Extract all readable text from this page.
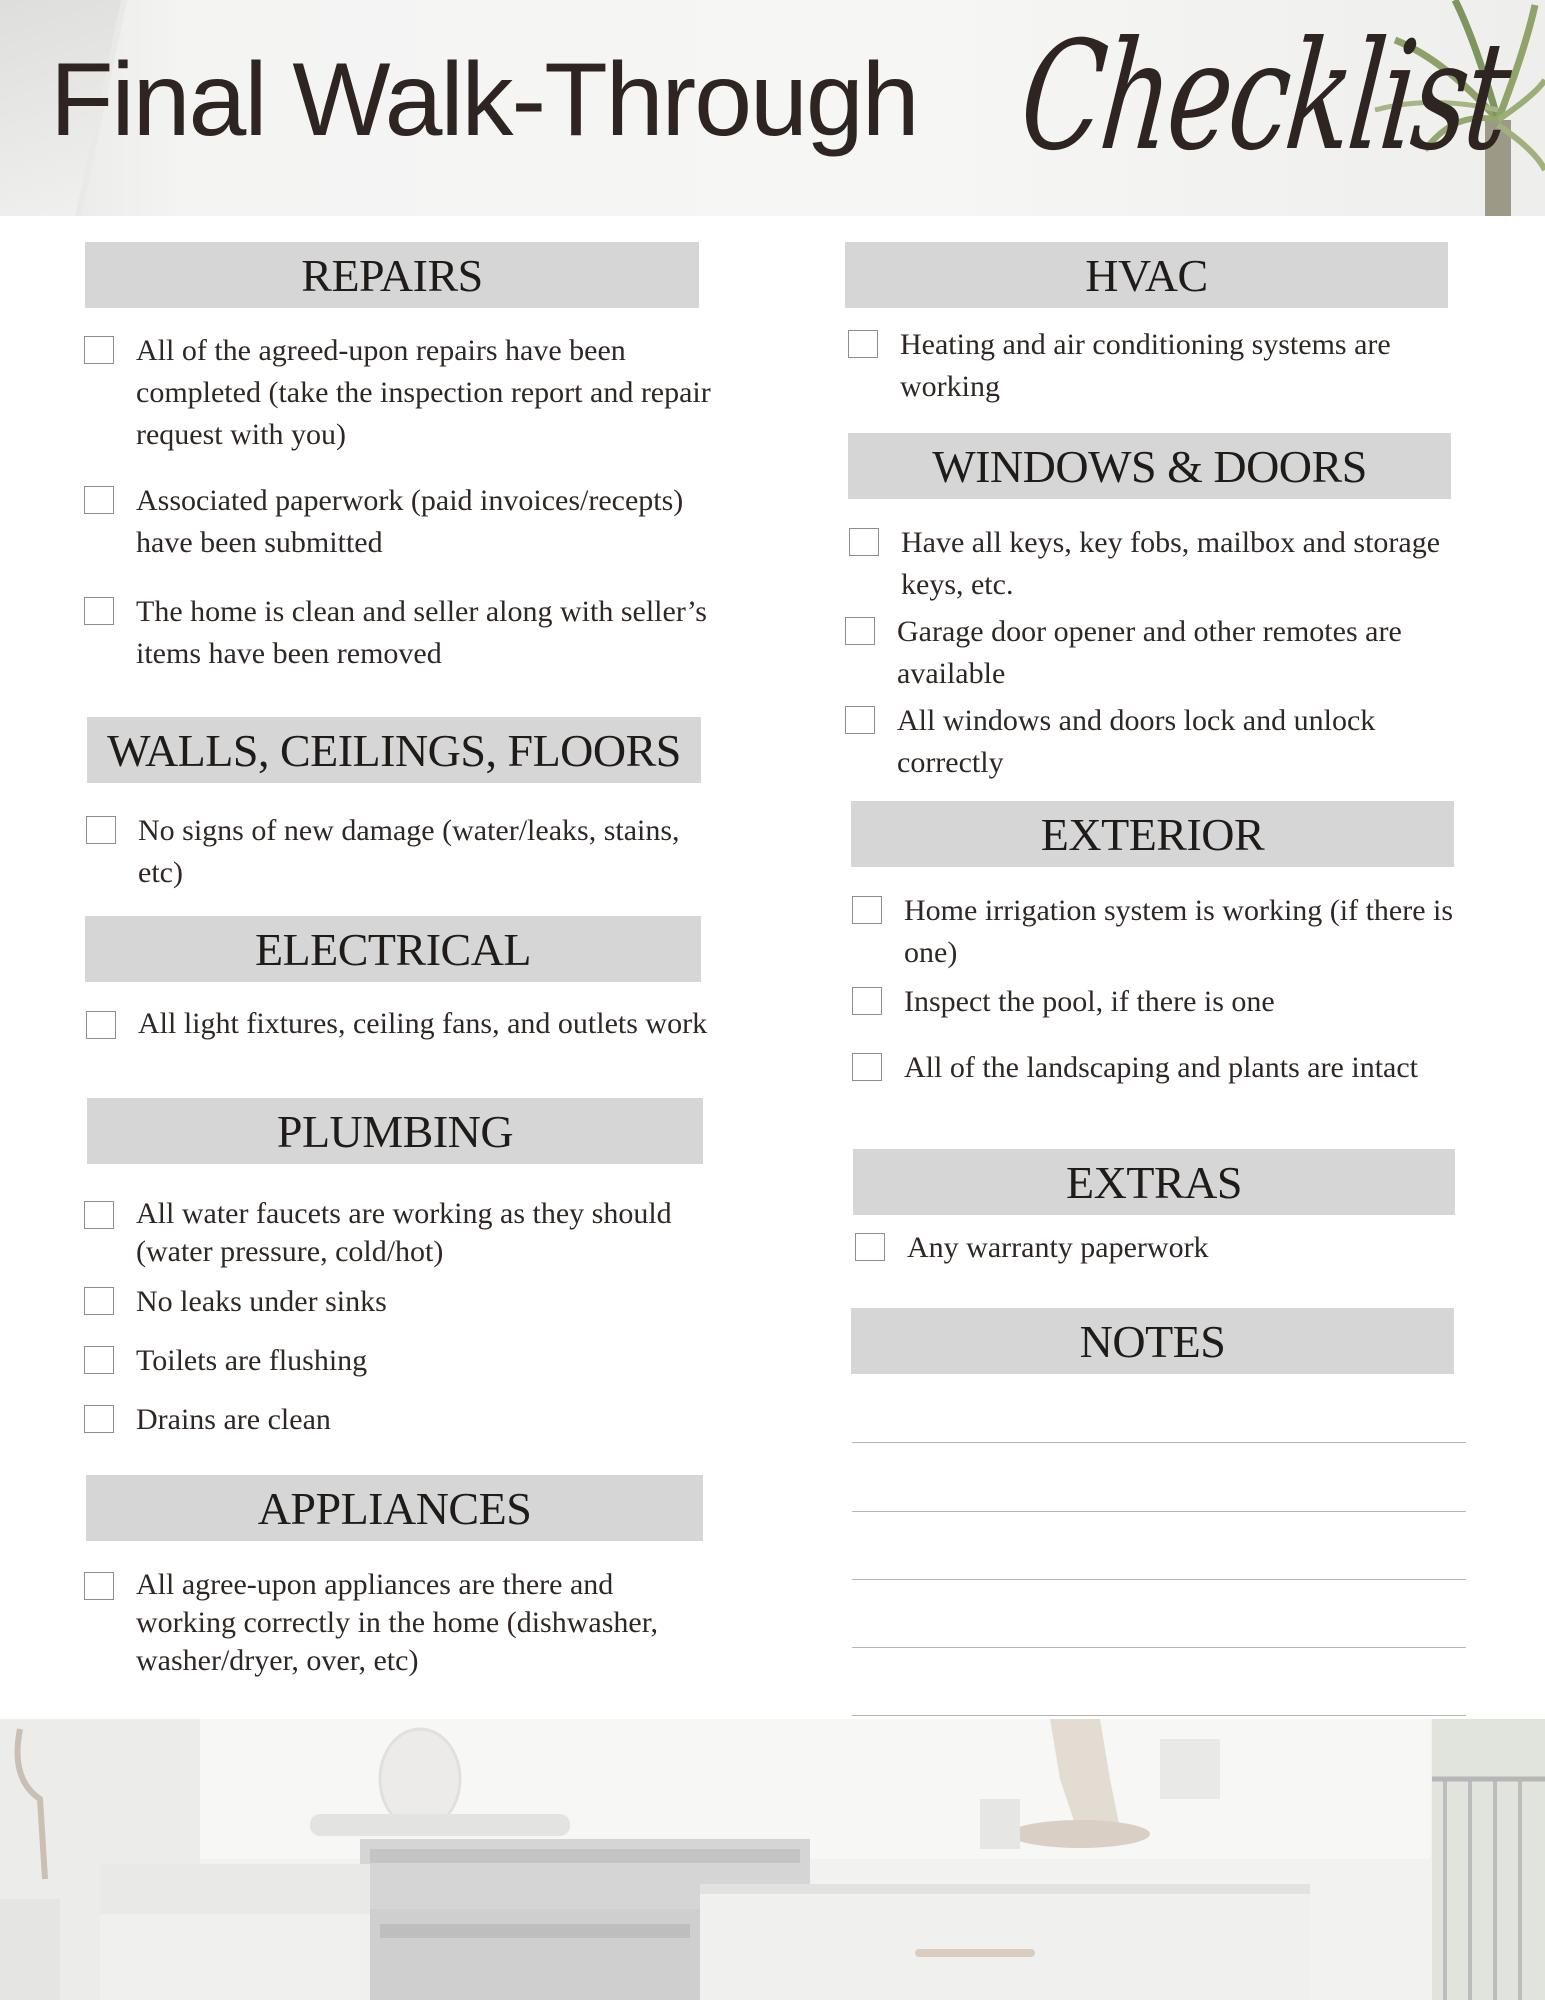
Final Walk-Through Checklist
REPAIRS
All of the agreed-upon repairs have been completed (take the inspection report and repair request with you)
Associated paperwork (paid invoices/recepts) have been submitted
The home is clean and seller along with seller’s items have been removed
WALLS, CEILINGS, FLOORS
No signs of new damage (water/leaks, stains, etc)
ELECTRICAL
All light fixtures, ceiling fans, and outlets work
PLUMBING
All water faucets are working as they should (water pressure, cold/hot)
No leaks under sinks
Toilets are flushing
Drains are clean
APPLIANCES
All agree-upon appliances are there and working correctly in the home (dishwasher, washer/dryer, over, etc)
HVAC
Heating and air conditioning systems are working
WINDOWS & DOORS
Have all keys, key fobs, mailbox and storage keys, etc.
Garage door opener and other remotes are available
All windows and doors lock and unlock correctly
EXTERIOR
Home irrigation system is working (if there is one)
Inspect the pool, if there is one
All of the landscaping and plants are intact
EXTRAS
Any warranty paperwork
NOTES
